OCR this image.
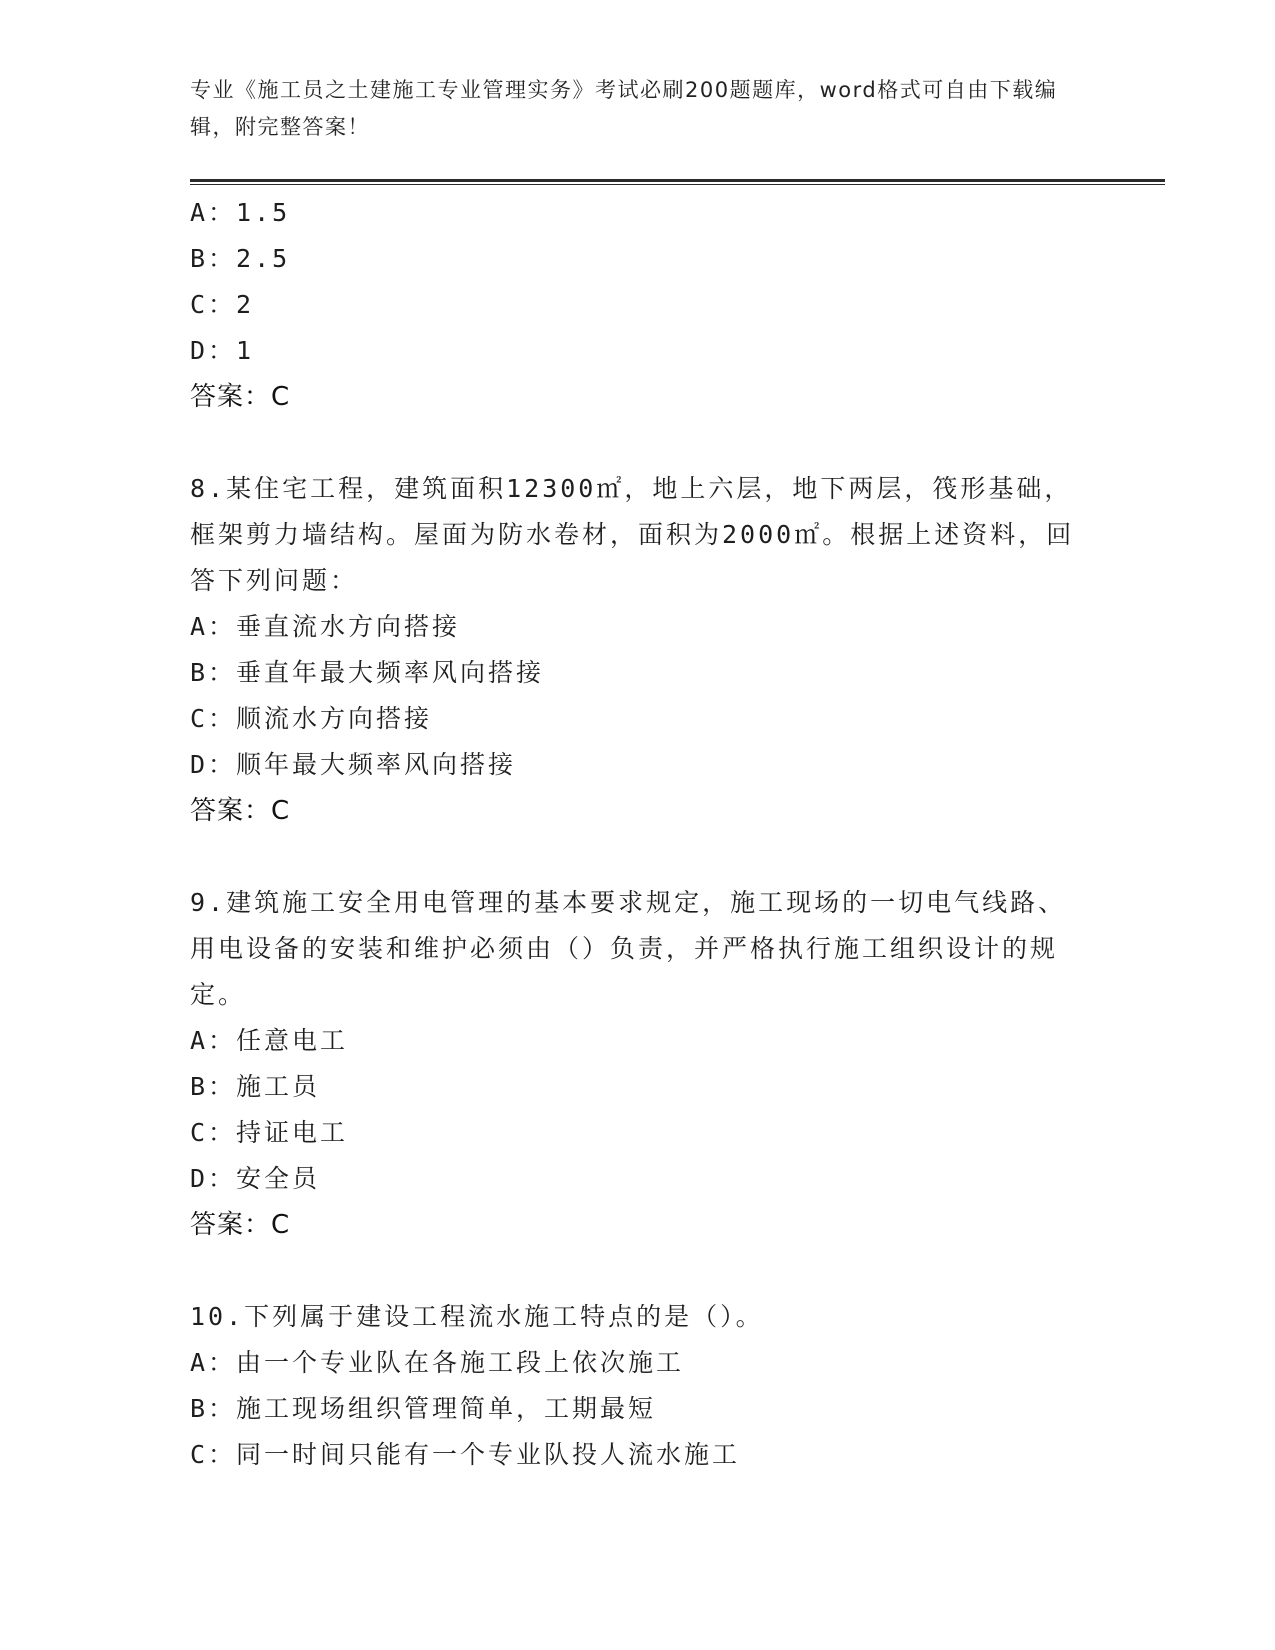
专业《施工员之土建施工专业管理实务》考试必刷200题题库，word格式可自由下载编辑，附完整答案！
A：1.5
B：2.5
C：2
D：1
答案：C
8.某住宅工程，建筑面积12300㎡，地上六层，地下两层，筏形基础，框架剪力墙结构。屋面为防水卷材，面积为2000㎡。根据上述资料，回答下列问题：
A：垂直流水方向搭接
B：垂直年最大频率风向搭接
C：顺流水方向搭接
D：顺年最大频率风向搭接
答案：C
9.建筑施工安全用电管理的基本要求规定，施工现场的一切电气线路、用电设备的安装和维护必须由（）负责，并严格执行施工组织设计的规定。
A：任意电工
B：施工员
C：持证电工
D：安全员
答案：C
10.下列属于建设工程流水施工特点的是（）。
A：由一个专业队在各施工段上依次施工
B：施工现场组织管理简单，工期最短
C：同一时间只能有一个专业队投人流水施工
